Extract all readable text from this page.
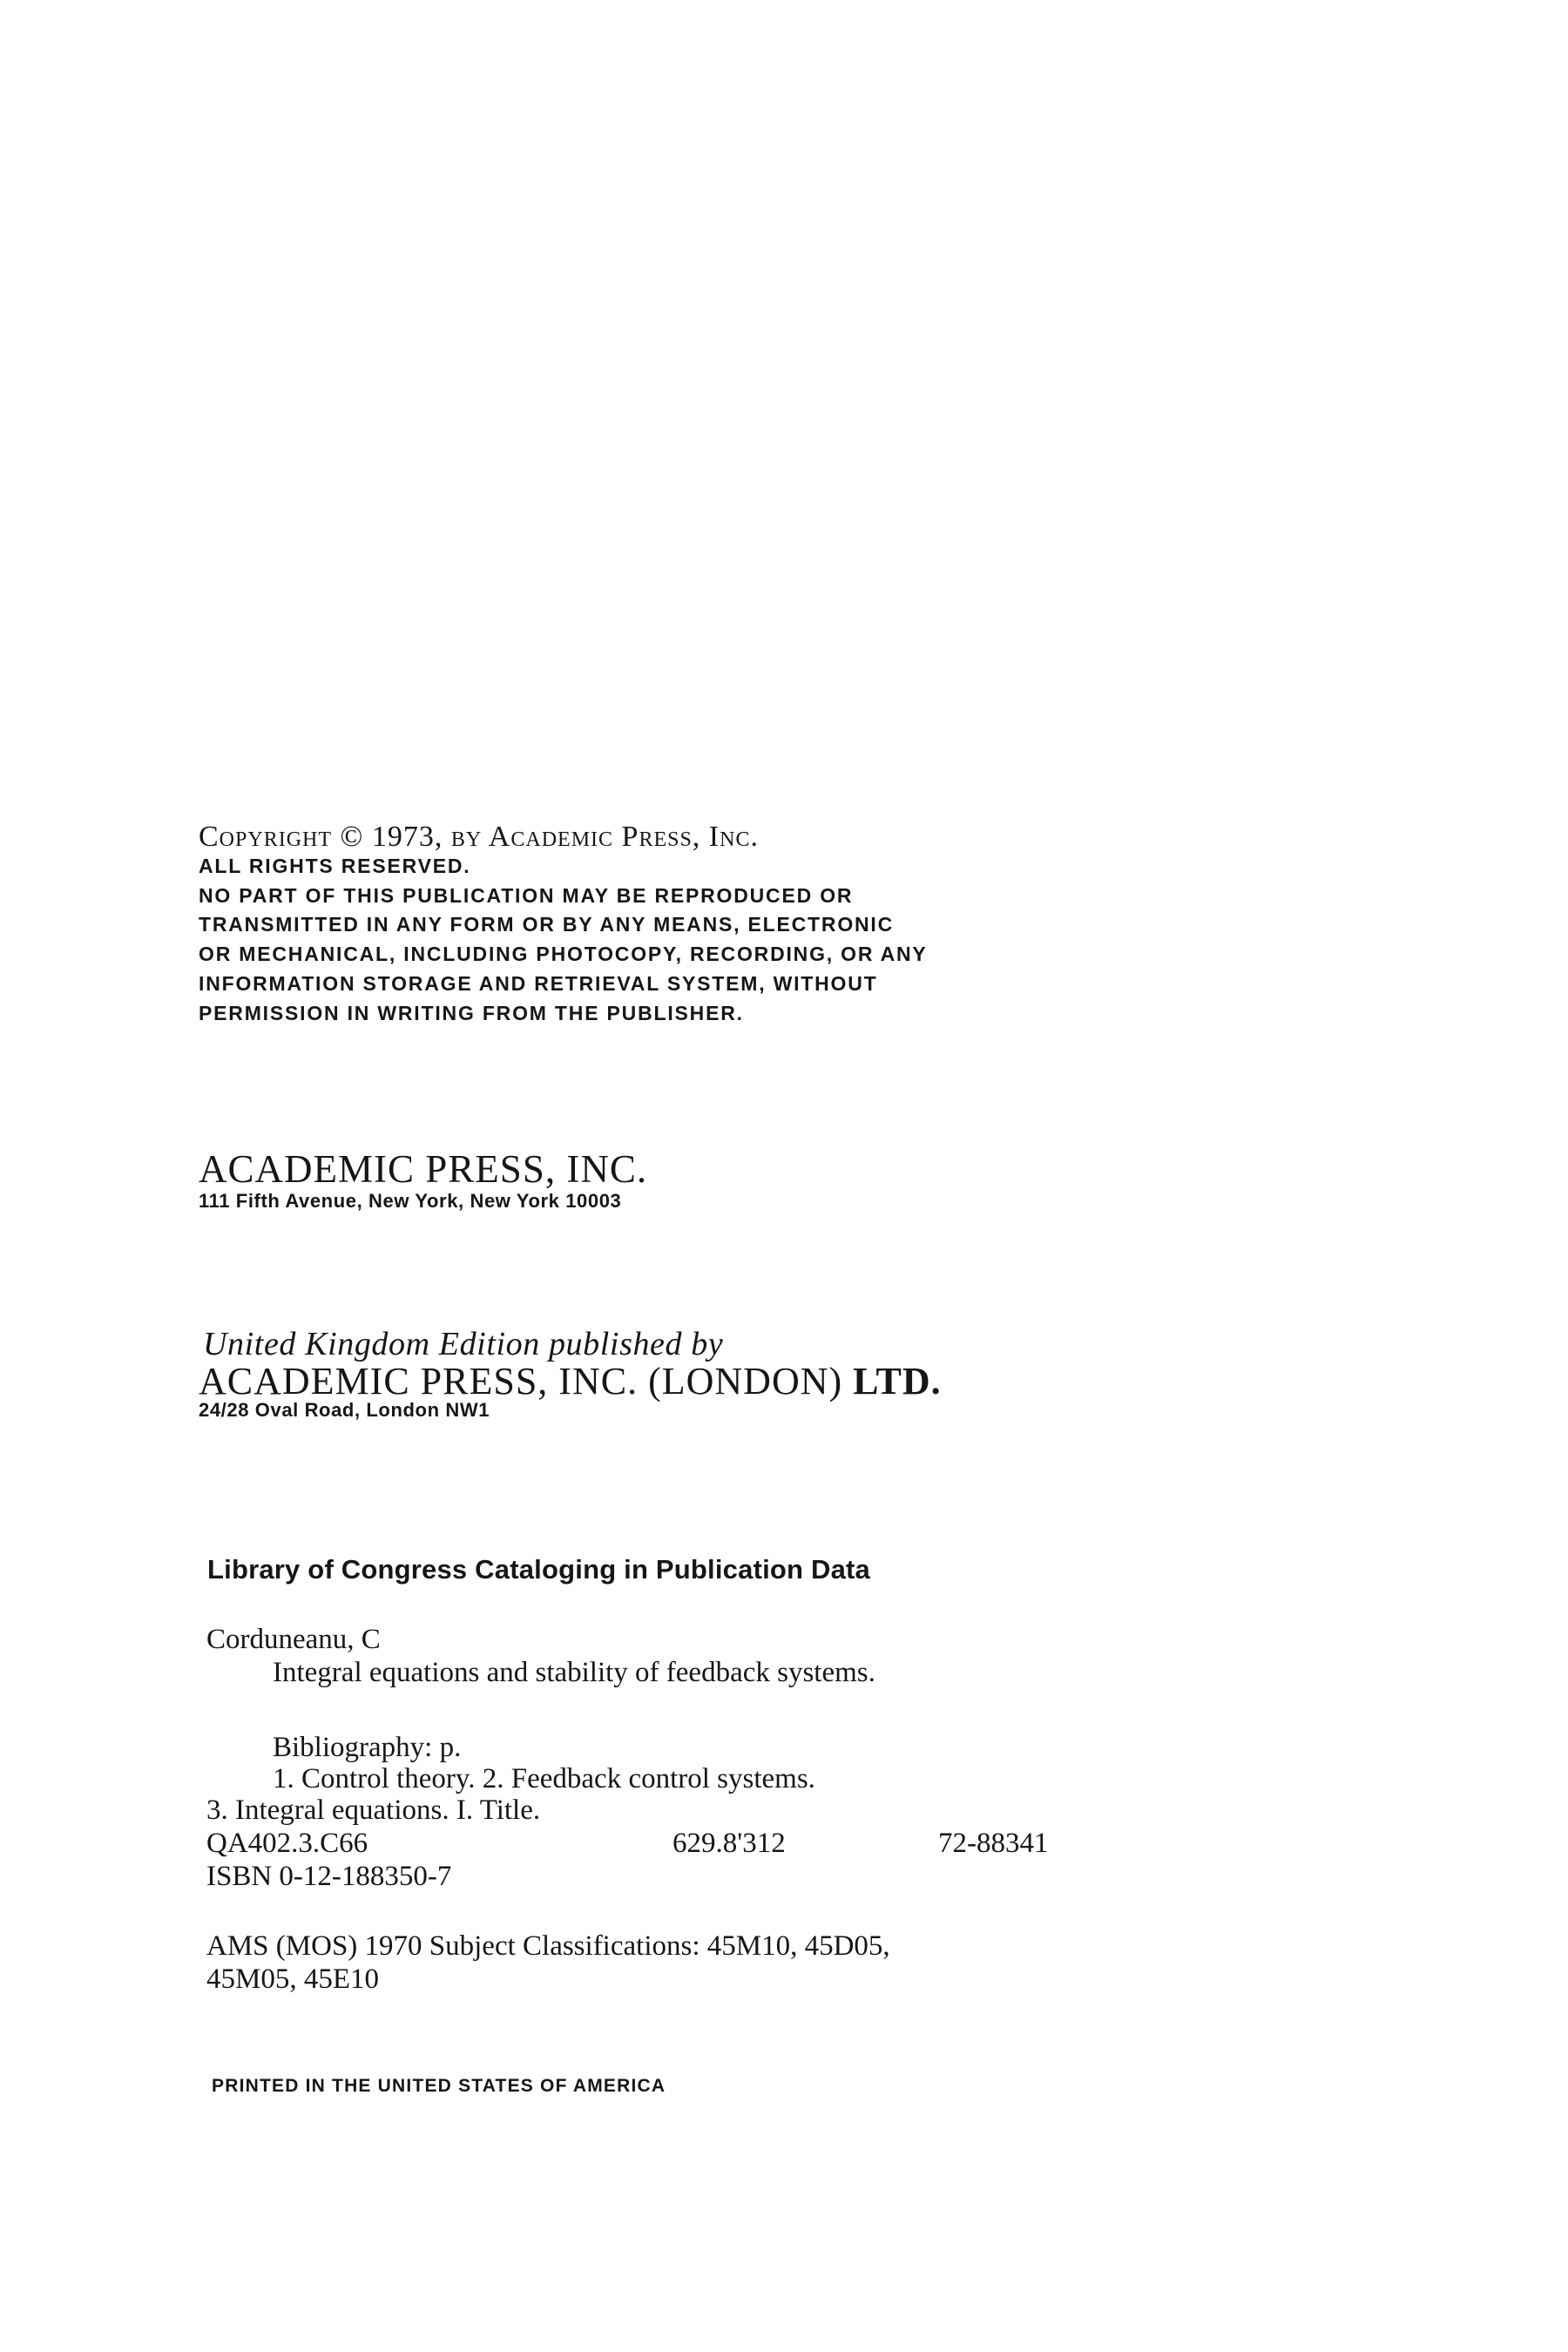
Copyright © 1973, by Academic Press, Inc.
ALL RIGHTS RESERVED.
NO PART OF THIS PUBLICATION MAY BE REPRODUCED OR
TRANSMITTED IN ANY FORM OR BY ANY MEANS, ELECTRONIC
OR MECHANICAL, INCLUDING PHOTOCOPY, RECORDING, OR ANY
INFORMATION STORAGE AND RETRIEVAL SYSTEM, WITHOUT
PERMISSION IN WRITING FROM THE PUBLISHER.
ACADEMIC PRESS, INC.
111 Fifth Avenue, New York, New York 10003
United Kingdom Edition published by
ACADEMIC PRESS, INC. (LONDON) LTD.
24/28 Oval Road, London NW1
Library of Congress Cataloging in Publication Data
Corduneanu, C
Integral equations and stability of feedback systems.
Bibliography: p.
1. Control theory. 2. Feedback control systems.
3. Integral equations. I. Title.
QA402.3.C66	629.8'312	72-88341
ISBN 0-12-188350-7
AMS (MOS) 1970 Subject Classifications: 45M10, 45D05,
45M05, 45E10
PRINTED IN THE UNITED STATES OF AMERICA
